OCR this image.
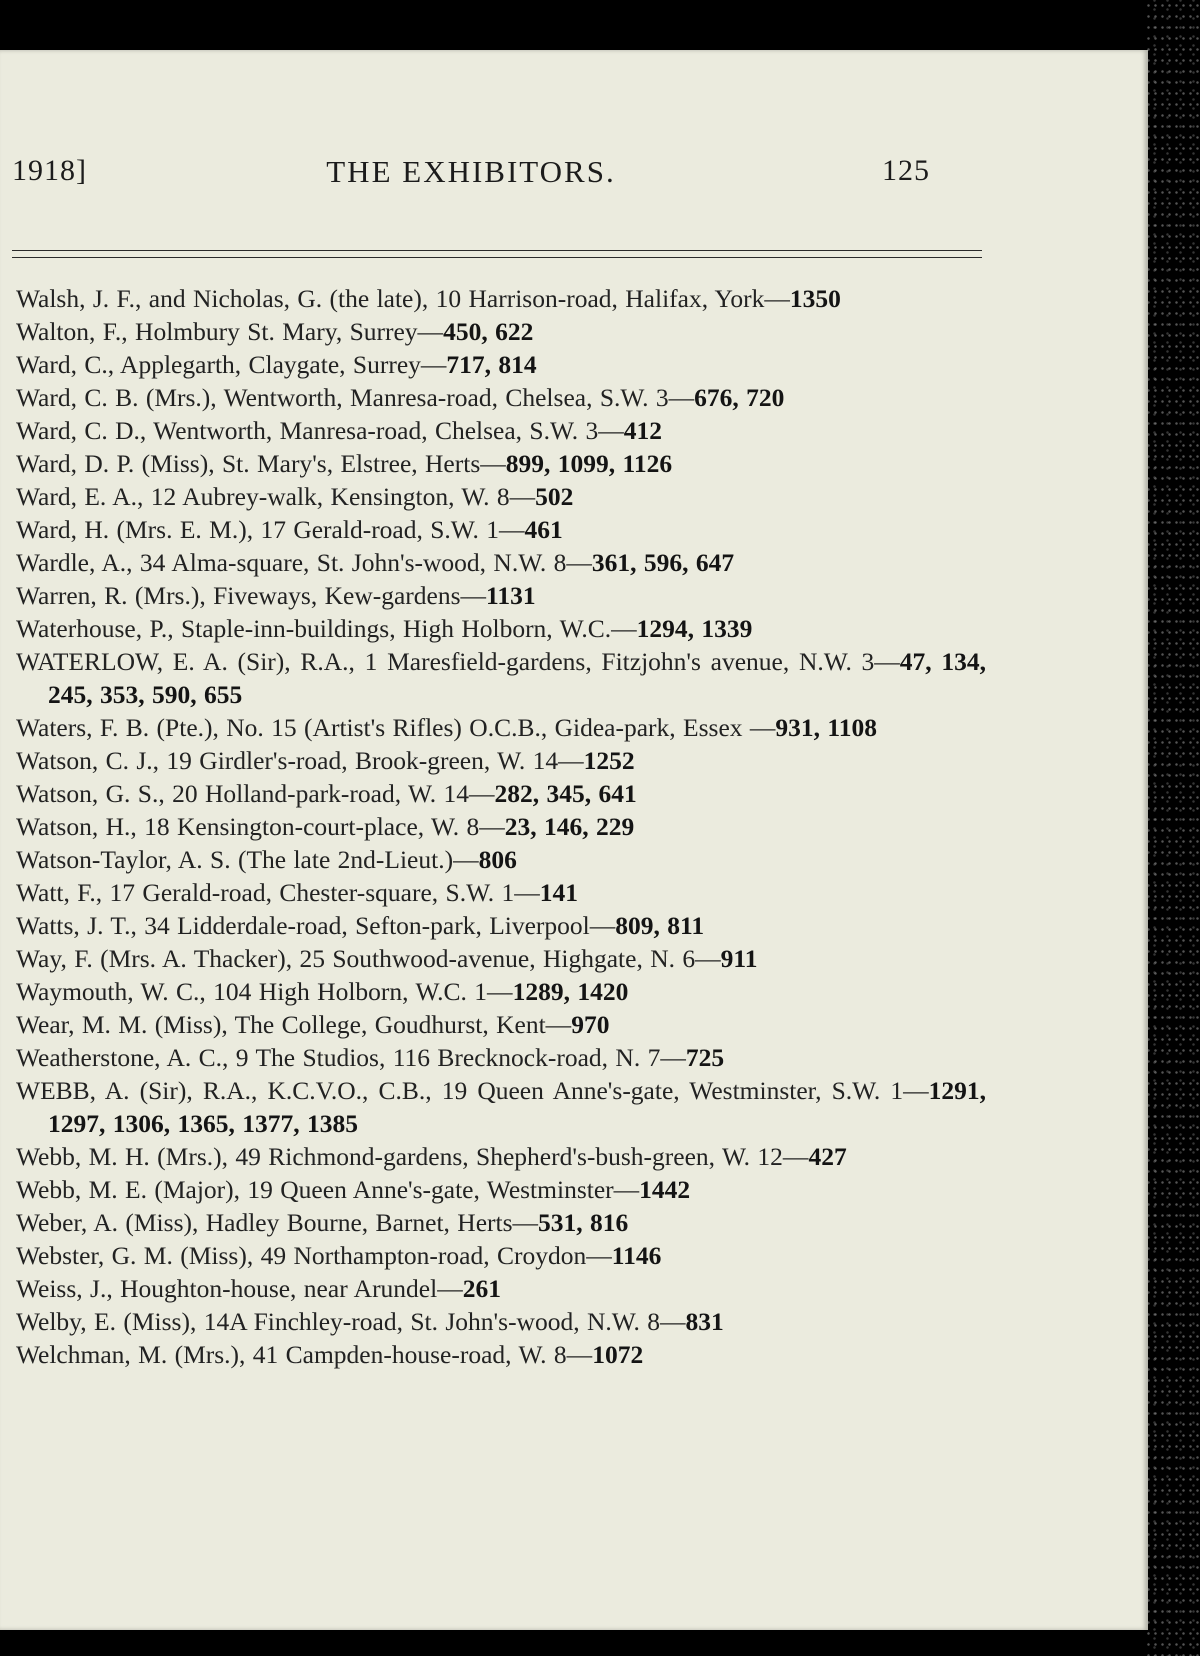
1918]	THE EXHIBITORS.	125
Walsh, J. F., and Nicholas, G. (the late), 10 Harrison-road, Halifax, York—1350
Walton, F., Holmbury St. Mary, Surrey—450, 622
Ward, C., Applegarth, Claygate, Surrey—717, 814
Ward, C. B. (Mrs.), Wentworth, Manresa-road, Chelsea, S.W. 3—676, 720
Ward, C. D., Wentworth, Manresa-road, Chelsea, S.W. 3—412
Ward, D. P. (Miss), St. Mary's, Elstree, Herts—899, 1099, 1126
Ward, E. A., 12 Aubrey-walk, Kensington, W. 8—502
Ward, H. (Mrs. E. M.), 17 Gerald-road, S.W. 1—461
Wardle, A., 34 Alma-square, St. John's-wood, N.W. 8—361, 596, 647
Warren, R. (Mrs.), Fiveways, Kew-gardens—1131
Waterhouse, P., Staple-inn-buildings, High Holborn, W.C.—1294, 1339
WATERLOW, E. A. (Sir), R.A., 1 Maresfield-gardens, Fitzjohn's avenue, N.W. 3—47, 134, 245, 353, 590, 655
Waters, F. B. (Pte.), No. 15 (Artist's Rifles) O.C.B., Gidea-park, Essex —931, 1108
Watson, C. J., 19 Girdler's-road, Brook-green, W. 14—1252
Watson, G. S., 20 Holland-park-road, W. 14—282, 345, 641
Watson, H., 18 Kensington-court-place, W. 8—23, 146, 229
Watson-Taylor, A. S. (The late 2nd-Lieut.)—806
Watt, F., 17 Gerald-road, Chester-square, S.W. 1—141
Watts, J. T., 34 Lidderdale-road, Sefton-park, Liverpool—809, 811
Way, F. (Mrs. A. Thacker), 25 Southwood-avenue, Highgate, N. 6—911
Waymouth, W. C., 104 High Holborn, W.C. 1—1289, 1420
Wear, M. M. (Miss), The College, Goudhurst, Kent—970
Weatherstone, A. C., 9 The Studios, 116 Brecknock-road, N. 7—725
WEBB, A. (Sir), R.A., K.C.V.O., C.B., 19 Queen Anne's-gate, Westminster, S.W. 1—1291, 1297, 1306, 1365, 1377, 1385
Webb, M. H. (Mrs.), 49 Richmond-gardens, Shepherd's-bush-green, W. 12—427
Webb, M. E. (Major), 19 Queen Anne's-gate, Westminster—1442
Weber, A. (Miss), Hadley Bourne, Barnet, Herts—531, 816
Webster, G. M. (Miss), 49 Northampton-road, Croydon—1146
Weiss, J., Houghton-house, near Arundel—261
Welby, E. (Miss), 14A Finchley-road, St. John's-wood, N.W. 8—831
Welchman, M. (Mrs.), 41 Campden-house-road, W. 8—1072
